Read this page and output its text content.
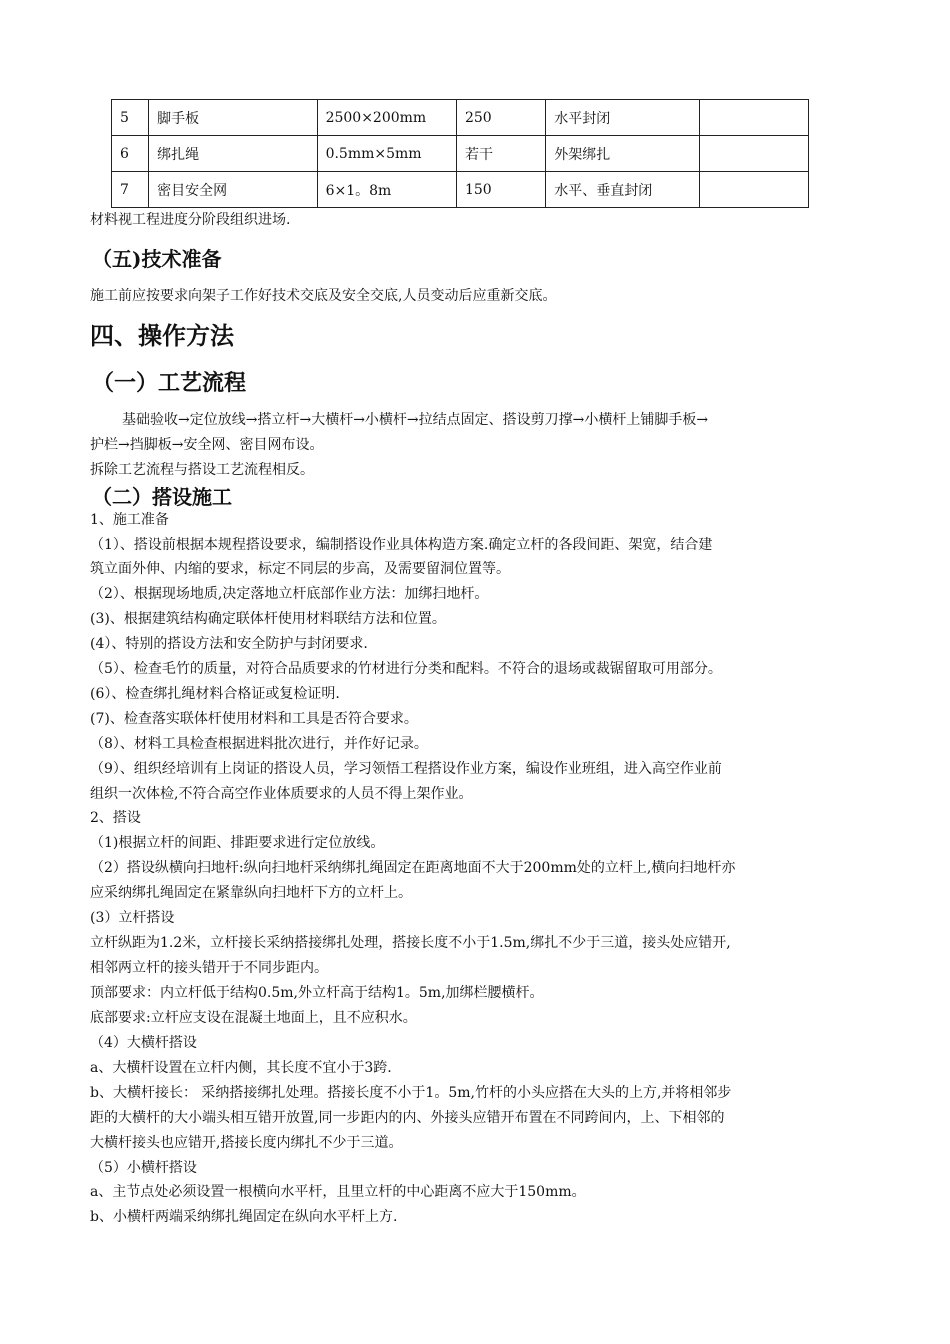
5	脚手板	2500×200mm	250	水平封闭	
6	绑扎绳	0.5mm×5mm	若干	外架绑扎	
7	密目安全网	6×1。8m	150	水平、垂直封闭	
材料视工程进度分阶段组织进场.
（五)技术准备
施工前应按要求向架子工作好技术交底及安全交底,人员变动后应重新交底。
四、操作方法
（一）工艺流程
基础验收→定位放线→搭立杆→大横杆→小横杆→拉结点固定、搭设剪刀撑→小横杆上铺脚手板→
护栏→挡脚板→安全网、密目网布设。
拆除工艺流程与搭设工艺流程相反。
（二）搭设施工
1、施工准备
（1）、搭设前根据本规程搭设要求，编制搭设作业具体构造方案.确定立杆的各段间距、架宽，结合建
筑立面外伸、内缩的要求，标定不同层的步高，及需要留洞位置等。
（2）、根据现场地质,决定落地立杆底部作业方法：加绑扫地杆。
(3)、根据建筑结构确定联体杆使用材料联结方法和位置。
(4）、特别的搭设方法和安全防护与封闭要求.
（5）、检查毛竹的质量，对符合品质要求的竹材进行分类和配料。不符合的退场或裁锯留取可用部分。
(6）、检查绑扎绳材料合格证或复检证明.
(7)、检查落实联体杆使用材料和工具是否符合要求。
（8）、材料工具检查根据进料批次进行，并作好记录。
（9）、组织经培训有上岗证的搭设人员，学习领悟工程搭设作业方案，编设作业班组，进入高空作业前
组织一次体检,不符合高空作业体质要求的人员不得上架作业。
2、搭设
（1)根据立杆的间距、排距要求进行定位放线。
（2）搭设纵横向扫地杆:纵向扫地杆采纳绑扎绳固定在距离地面不大于200mm处的立杆上,横向扫地杆亦
应采纳绑扎绳固定在紧靠纵向扫地杆下方的立杆上。
(3）立杆搭设
立杆纵距为1.2米，立杆接长采纳搭接绑扎处理，搭接长度不小于1.5m,绑扎不少于三道，接头处应错开,
相邻两立杆的接头错开于不同步距内。
顶部要求：内立杆低于结构0.5m,外立杆高于结构1。5m,加绑栏腰横杆。
底部要求:立杆应支设在混凝土地面上，且不应积水。
（4）大横杆搭设
a、大横杆设置在立杆内侧，其长度不宜小于3跨.
b、大横杆接长： 采纳搭接绑扎处理。搭接长度不小于1。5m,竹杆的小头应搭在大头的上方,并将相邻步
距的大横杆的大小端头相互错开放置,同一步距内的内、外接头应错开布置在不同跨间内，上、下相邻的
大横杆接头也应错开,搭接长度内绑扎不少于三道。
（5）小横杆搭设
a、主节点处必须设置一根横向水平杆，且里立杆的中心距离不应大于150mm。
b、小横杆两端采纳绑扎绳固定在纵向水平杆上方.
